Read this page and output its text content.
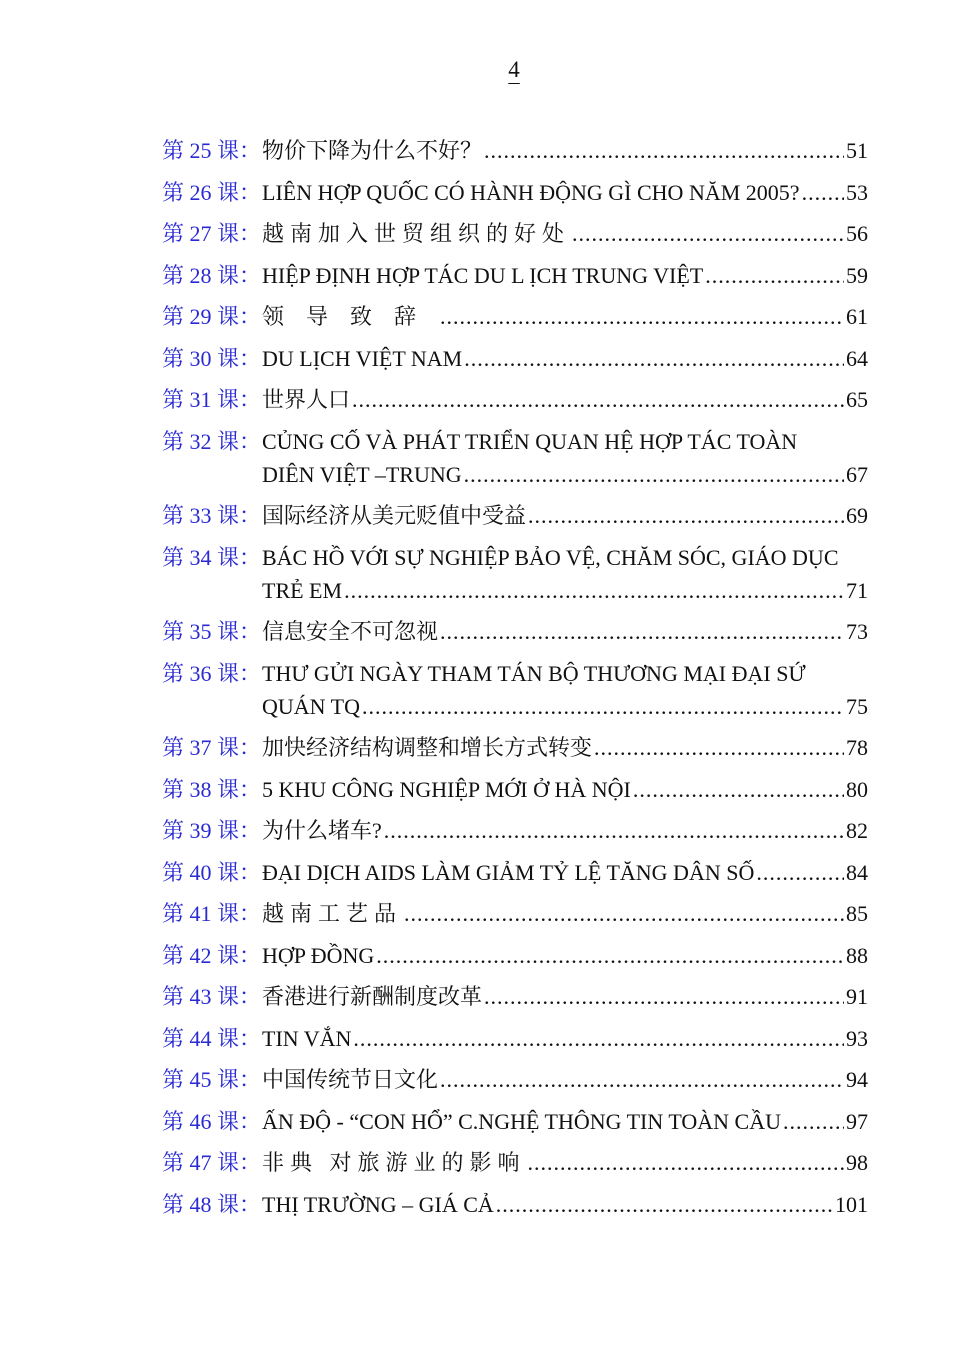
4
第 25 课： 物价下降为什么不好？ .....	51
第 26 课： LIÊN HỢP QUỐC CÓ HÀNH ĐỘNG GÌ CHO NĂM 2005? ..... 53
第 27 课： 越南加入世贸组织的好处 .....	56
第 28 课： HIỆP ĐỊNH HỢP TÁC DU L ỊCH TRUNG VIỆT .....	59
第 29 课： 领导致辞 .....	61
第 30 课： DU LỊCH VIỆT NAM .....	64
第 31 课： 世界人口 .....	65
第 32 课： CỦNG CỐ VÀ PHÁT TRIỂN QUAN HỆ HỢP TÁC TOÀN
DIÊN VIỆT –TRUNG .....	67
第 33 课： 国际经济从美元贬值中受益 .....	69
第 34 课： BÁC HỒ VỚI SỰ NGHIỆP BẢO VỆ, CHĂM SÓC, GIÁO DỤC
TRẺ EM .....	71
第 35 课： 信息安全不可忽视 .....	73
第 36 课： THƯ GỬI NGÀY THAM TÁN BỘ THƯƠNG MẠI ĐẠI SỨ
QUÁN TQ .....	75
第 37 课： 加快经济结构调整和增长方式转变 .....	78
第 38 课： 5 KHU CÔNG NGHIỆP MỚI Ở HÀ NỘI .....	80
第 39 课： 为什么堵车? .....	82
第 40 课： ĐẠI DỊCH AIDS LÀM GIẢM TỶ LỆ TĂNG DÂN SỐ .....	84
第 41 课： 越南工艺品 .....	85
第 42 课： HỢP ĐỒNG .....	88
第 43 课： 香港进行新酬制度改革 .....	91
第 44 课： TIN VẮN .....	93
第 45 课： 中国传统节日文化 .....	94
第 46 课： ẤN ĐỘ - “CON HỔ” C.NGHỆ THÔNG TIN TOÀN CẦU .....	97
第 47 课： 非典 对旅游业的影响 .....	98
第 48 课： THỊ TRƯỜNG – GIÁ CẢ .....	101
